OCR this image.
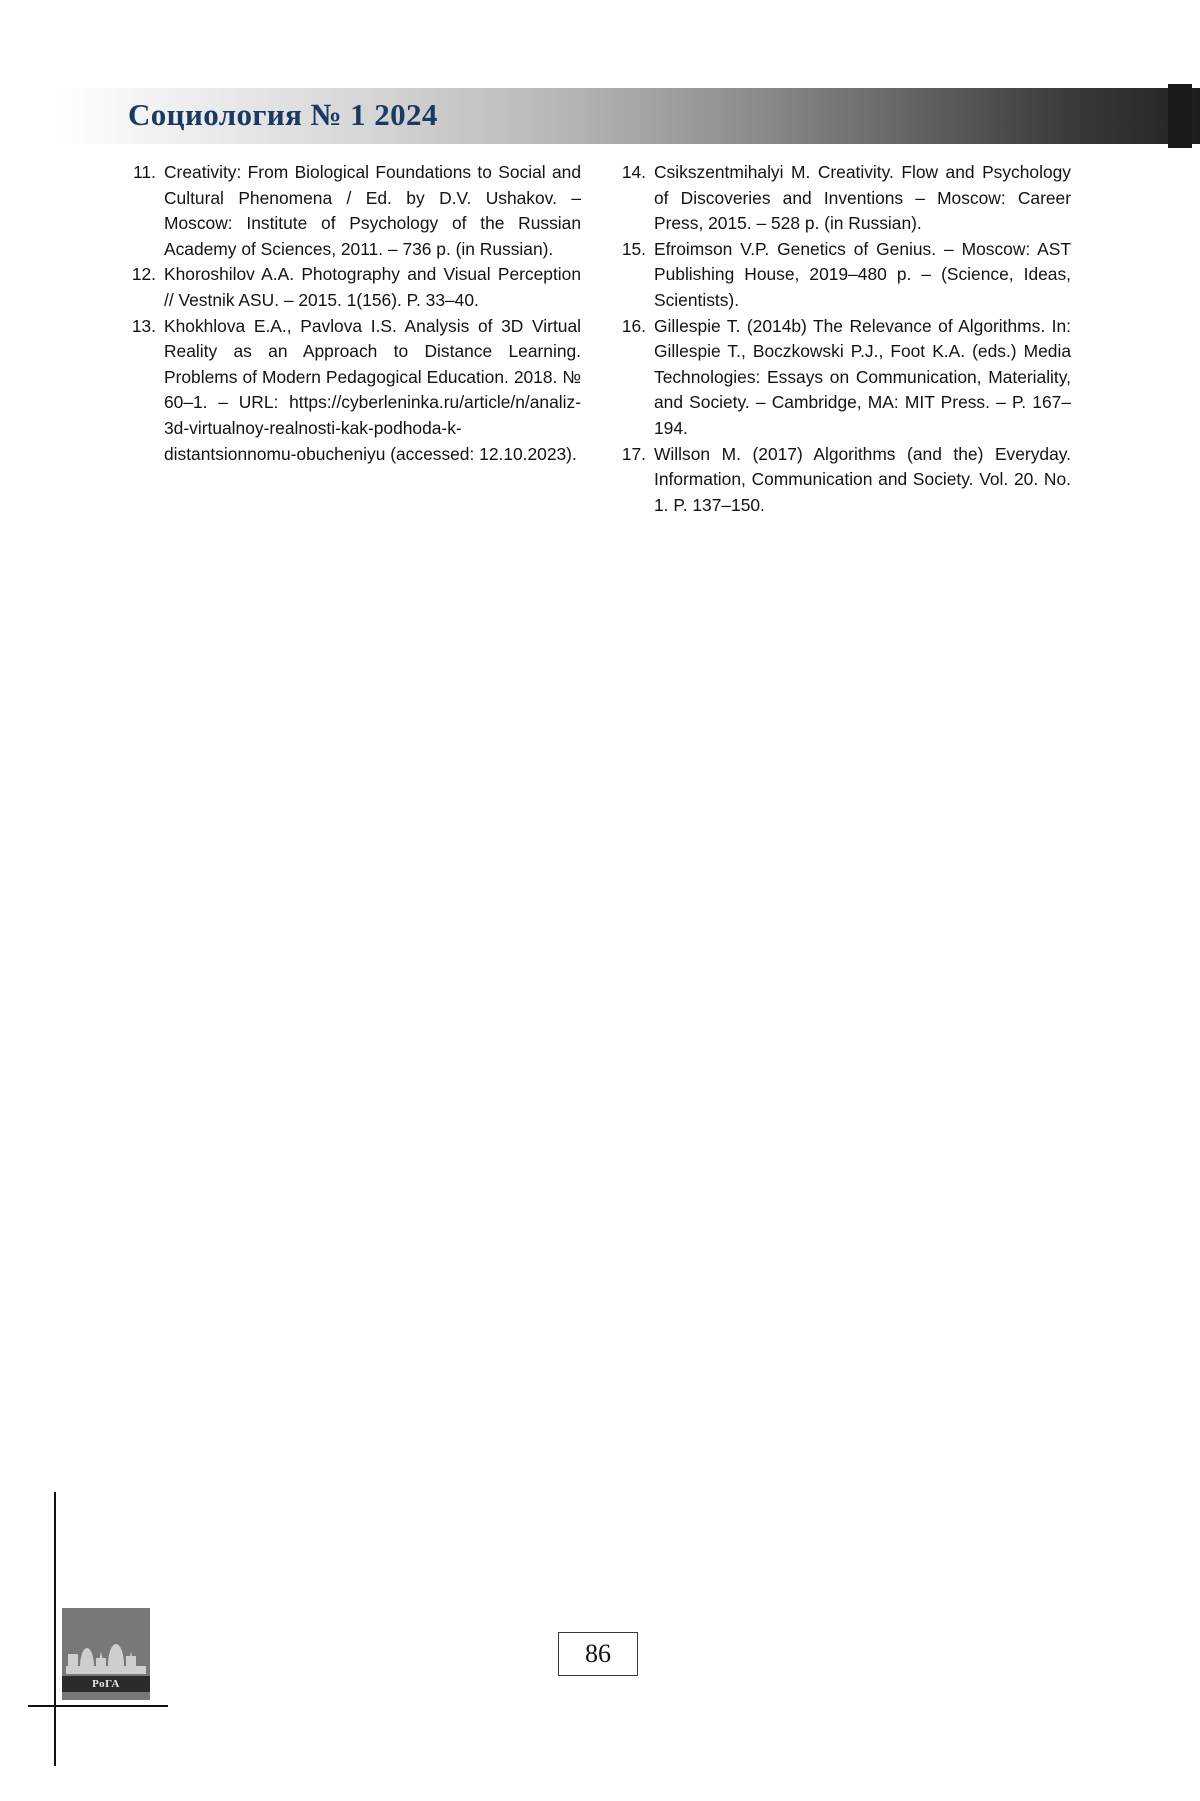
Социология № 1 2024
11. Creativity: From Biological Foundations to Social and Cultural Phenomena / Ed. by D.V. Ushakov. – Moscow: Institute of Psychology of the Russian Academy of Sciences, 2011. – 736 p. (in Russian).
12. Khoroshilov A.A. Photography and Visual Perception // Vestnik ASU. – 2015. 1(156). P. 33–40.
13. Khokhlova E.A., Pavlova I.S. Analysis of 3D Virtual Reality as an Approach to Distance Learning. Problems of Modern Pedagogical Education. 2018. № 60–1. – URL: https://cyberleninka.ru/article/n/analiz-3d-virtualnoy-realnosti-kak-podhoda-k-distantsionnomu-obucheniyu (accessed: 12.10.2023).
14. Csikszentmihalyi M. Creativity. Flow and Psychology of Discoveries and Inventions – Moscow: Career Press, 2015. – 528 p. (in Russian).
15. Efroimson V.P. Genetics of Genius. – Moscow: AST Publishing House, 2019–480 p. – (Science, Ideas, Scientists).
16. Gillespie T. (2014b) The Relevance of Algorithms. In: Gillespie T., Boczkowski P.J., Foot K.A. (eds.) Media Technologies: Essays on Communication, Materiality, and Society. – Cambridge, MA: MIT Press. – P. 167–194.
17. Willson M. (2017) Algorithms (and the) Everyday. Information, Communication and Society. Vol. 20. No. 1. P. 137–150.
РоГА
86
